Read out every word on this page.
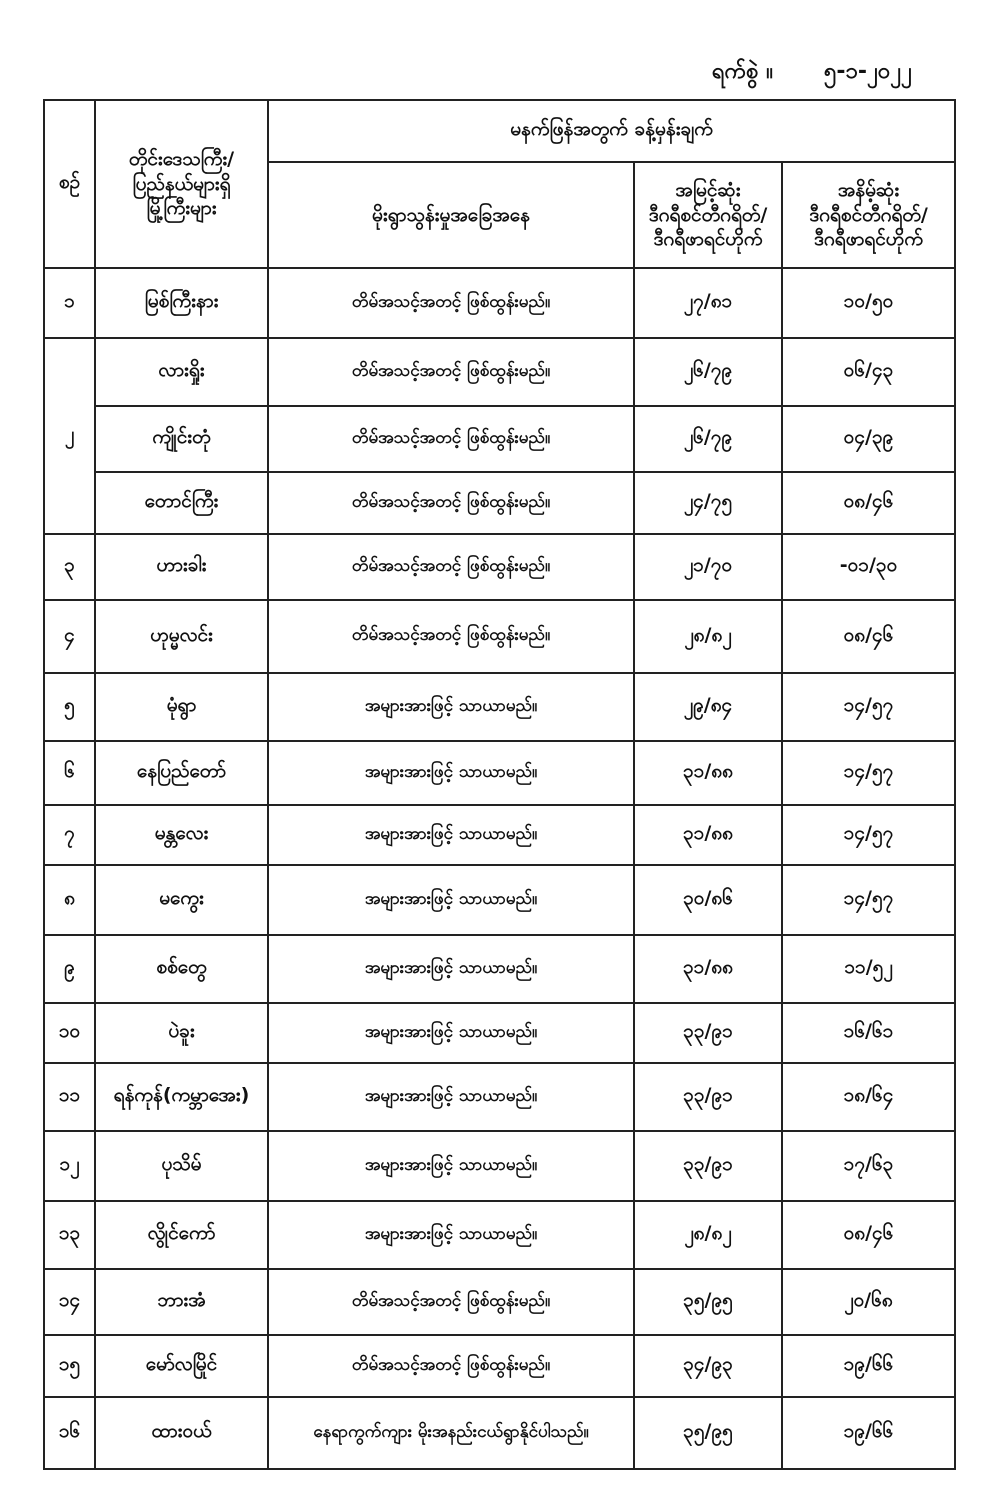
ရက်စွဲ ။ ၅-၁-၂၀၂၂
စဉ်	တိုင်းဒေသကြီး/
ပြည်နယ်များရှိ
မြို့ကြီးများ	မနက်ဖြန်အတွက် ခန့်မှန်းချက်		
		မိုးရွာသွန်းမှုအခြေအနေ	အမြင့်ဆုံး
ဒီဂရီစင်တီဂရိတ်/
ဒီဂရီဖာရင်ဟိုက်	အနိမ့်ဆုံး
ဒီဂရီစင်တီဂရိတ်/
ဒီဂရီဖာရင်ဟိုက်

၁	မြစ်ကြီးနား	တိမ်အသင့်အတင့် ဖြစ်ထွန်းမည်။	၂၇/၈၁	၁၀/၅၀
၂	လားရှိုး	တိမ်အသင့်အတင့် ဖြစ်ထွန်းမည်။	၂၆/၇၉	၀၆/၄၃
	ကျိုင်းတုံ	တိမ်အသင့်အတင့် ဖြစ်ထွန်းမည်။	၂၆/၇၉	၀၄/၃၉
	တောင်ကြီး	တိမ်အသင့်အတင့် ဖြစ်ထွန်းမည်။	၂၄/၇၅	၀၈/၄၆
၃	ဟားခါး	တိမ်အသင့်အတင့် ဖြစ်ထွန်းမည်။	၂၁/၇၀	-၀၁/၃၀
၄	ဟုမ္မလင်း	တိမ်အသင့်အတင့် ဖြစ်ထွန်းမည်။	၂၈/၈၂	၀၈/၄၆
၅	မုံရွာ	အများအားဖြင့် သာယာမည်။	၂၉/၈၄	၁၄/၅၇
၆	နေပြည်တော်	အများအားဖြင့် သာယာမည်။	၃၁/၈၈	၁၄/၅၇
၇	မန္တလေး	အများအားဖြင့် သာယာမည်။	၃၁/၈၈	၁၄/၅၇
၈	မကွေး	အများအားဖြင့် သာယာမည်။	၃၀/၈၆	၁၄/၅၇
၉	စစ်တွေ	အများအားဖြင့် သာယာမည်။	၃၁/၈၈	၁၁/၅၂
၁၀	ပဲခူး	အများအားဖြင့် သာယာမည်။	၃၃/၉၁	၁၆/၆၁
၁၁	ရန်ကုန်(ကမ္ဘာအေး)	အများအားဖြင့် သာယာမည်။	၃၃/၉၁	၁၈/၆၄
၁၂	ပုသိမ်	အများအားဖြင့် သာယာမည်။	၃၃/၉၁	၁၇/၆၃
၁၃	လွိုင်ကော်	အများအားဖြင့် သာယာမည်။	၂၈/၈၂	၀၈/၄၆
၁၄	ဘားအံ	တိမ်အသင့်အတင့် ဖြစ်ထွန်းမည်။	၃၅/၉၅	၂၀/၆၈
၁၅	မော်လမြိုင်	တိမ်အသင့်အတင့် ဖြစ်ထွန်းမည်။	၃၄/၉၃	၁၉/၆၆
၁၆	ထားဝယ်	နေရာကွက်ကျား မိုးအနည်းငယ်ရွာနိုင်ပါသည်။	၃၅/၉၅	၁၉/၆၆
